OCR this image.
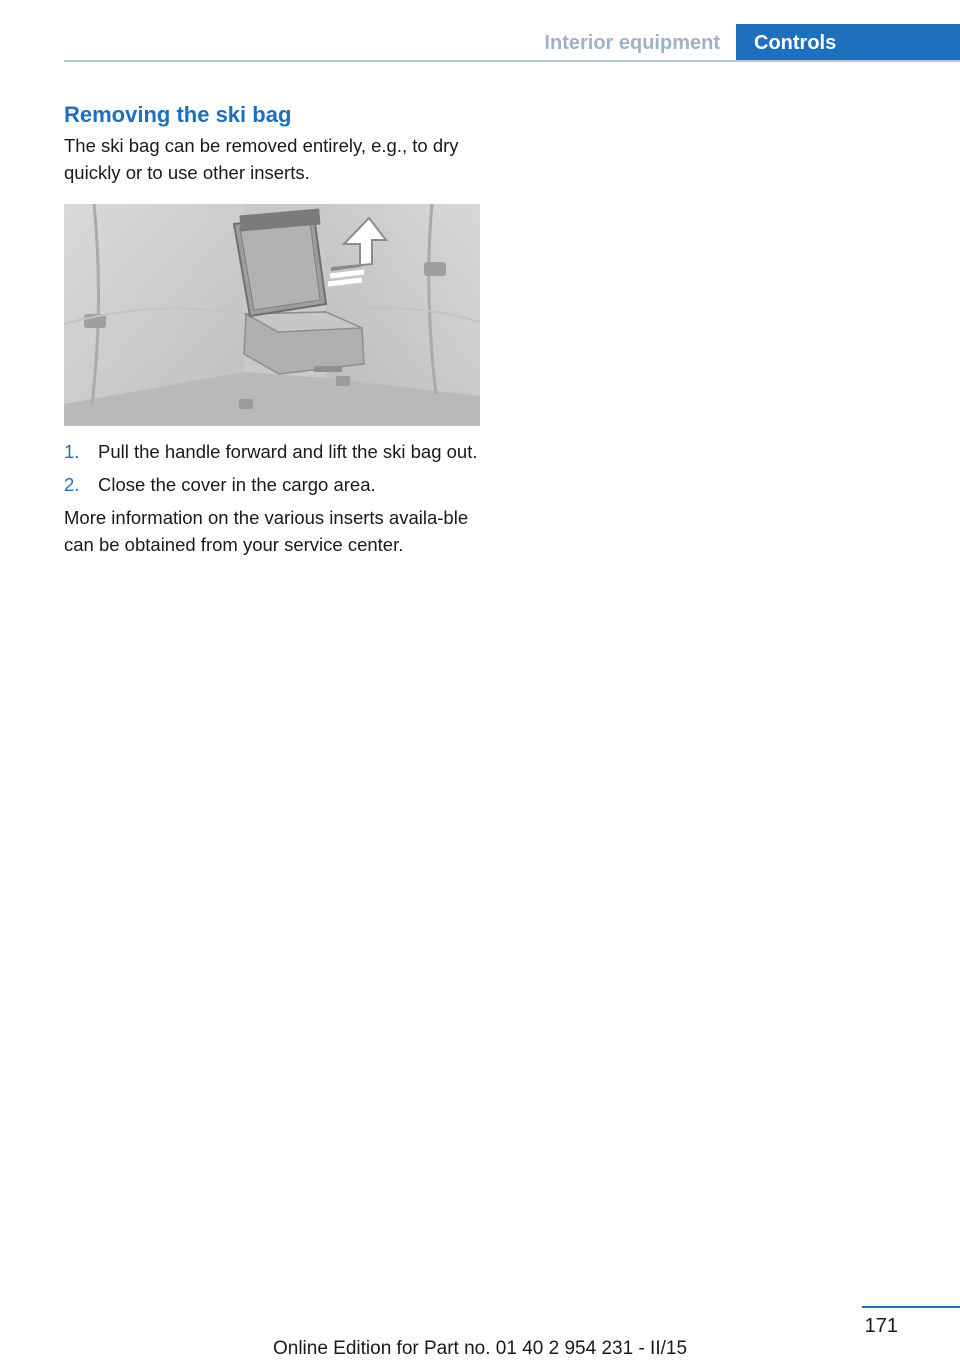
Interior equipment	Controls
Removing the ski bag

The ski bag can be removed entirely, e.g., to dry quickly or to use other inserts.

1. Pull the handle forward and lift the ski bag out.
2. Close the cover in the cargo area.

More information on the various inserts availa-ble can be obtained from your service center.

171
Online Edition for Part no. 01 40 2 954 231 - II/15
